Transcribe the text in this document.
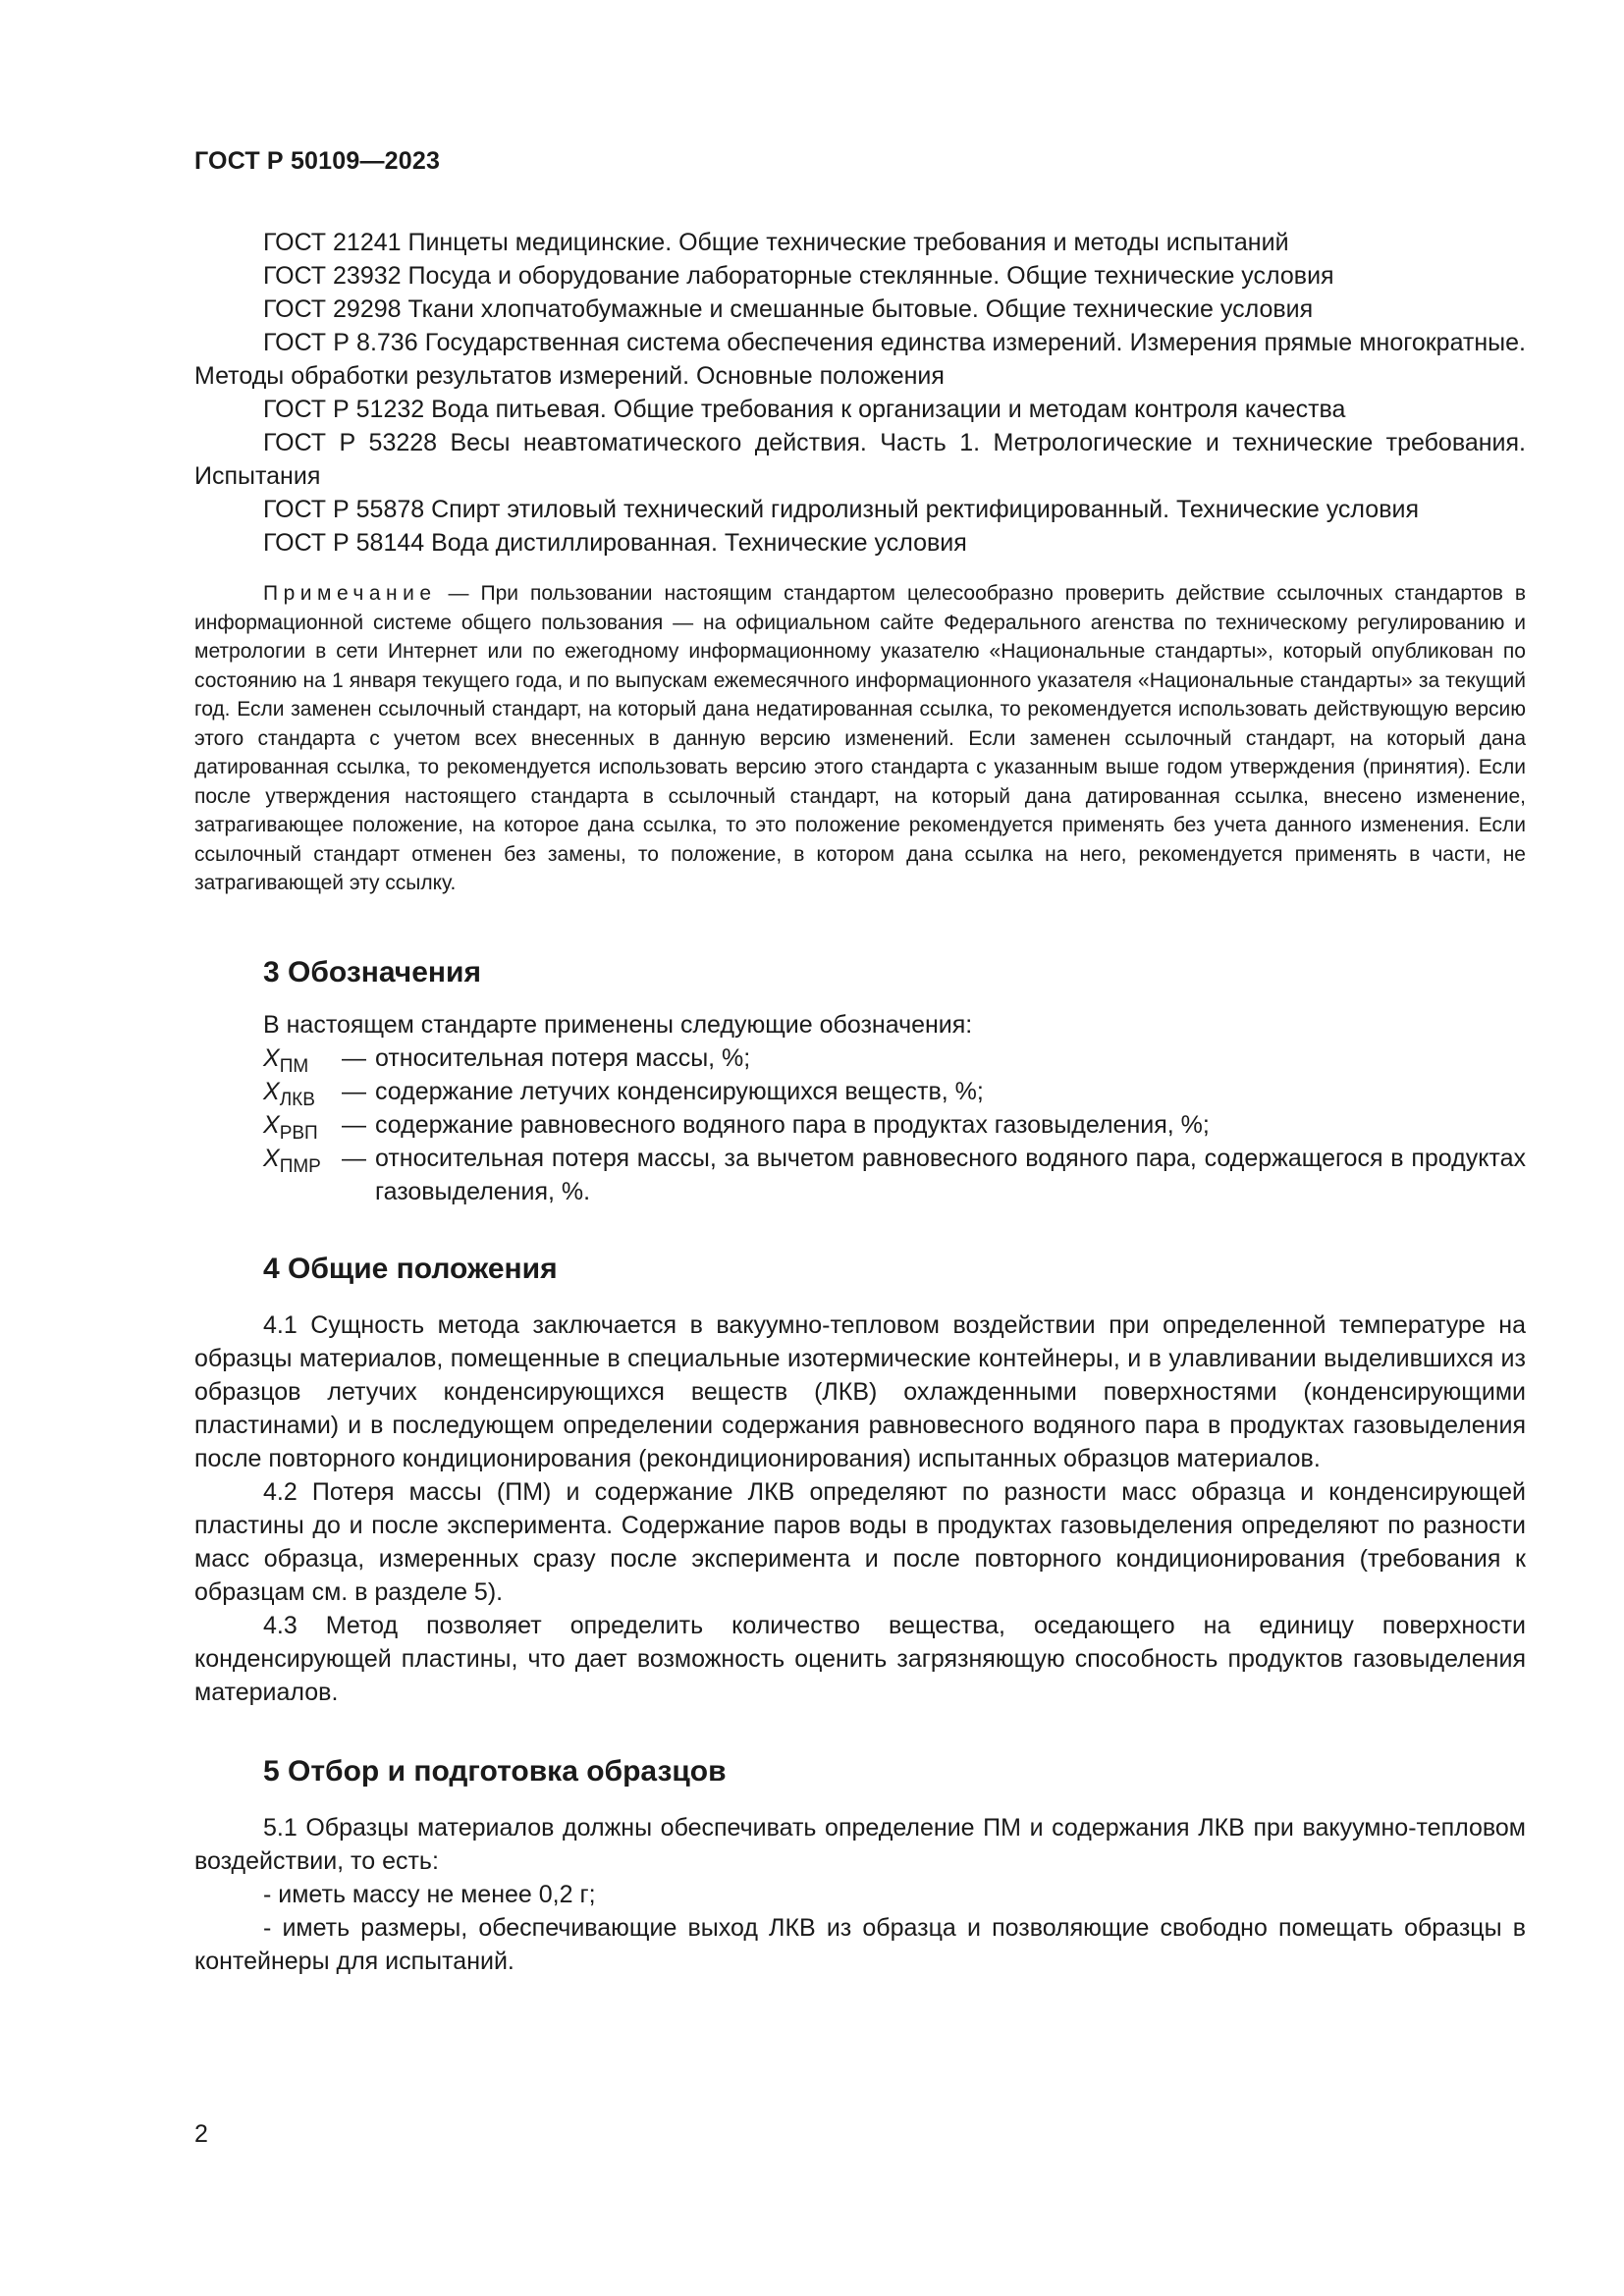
ГОСТ Р 50109—2023

ГОСТ 21241 Пинцеты медицинские. Общие технические требования и методы испытаний

ГОСТ 23932 Посуда и оборудование лабораторные стеклянные. Общие технические условия

ГОСТ 29298 Ткани хлопчатобумажные и смешанные бытовые. Общие технические условия

ГОСТ Р 8.736 Государственная система обеспечения единства измерений. Измерения прямые многократные. Методы обработки результатов измерений. Основные положения

ГОСТ Р 51232 Вода питьевая. Общие требования к организации и методам контроля качества

ГОСТ Р 53228 Весы неавтоматического действия. Часть 1. Метрологические и технические требования. Испытания

ГОСТ Р 55878 Спирт этиловый технический гидролизный ректифицированный. Технические условия

ГОСТ Р 58144 Вода дистиллированная. Технические условия

Примечание — При пользовании настоящим стандартом целесообразно проверить действие ссылочных стандартов в информационной системе общего пользования — на официальном сайте Федерального агенства по техническому регулированию и метрологии в сети Интернет или по ежегодному информационному указателю «Национальные стандарты», который опубликован по состоянию на 1 января текущего года, и по выпускам ежемесячного информационного указателя «Национальные стандарты» за текущий год. Если заменен ссылочный стандарт, на который дана недатированная ссылка, то рекомендуется использовать действующую версию этого стандарта с учетом всех внесенных в данную версию изменений. Если заменен ссылочный стандарт, на который дана датированная ссылка, то рекомендуется использовать версию этого стандарта с указанным выше годом утверждения (принятия). Если после утверждения настоящего стандарта в ссылочный стандарт, на который дана датированная ссылка, внесено изменение, затрагивающее положение, на которое дана ссылка, то это положение рекомендуется применять без учета данного изменения. Если ссылочный стандарт отменен без замены, то положение, в котором дана ссылка на него, рекомендуется применять в части, не затрагивающей эту ссылку.

3 Обозначения

В настоящем стандарте применены следующие обозначения:

$X_{ПМ}$	— относительная потеря массы, %;
$X_{ЛКВ}$	— содержание летучих конденсирующихся веществ, %;
$X_{РВП}$ — содержание равновесного водяного пара в продуктах газовыделения, %;
$X_{ПМР}$ — относительная потеря массы, за вычетом равновесного водяного пара, содержащегося в продуктах газовыделения, %.
4 Общие положения

4.1 Сущность метода заключается в вакуумно-тепловом воздействии при определенной температуре на образцы материалов, помещенные в специальные изотермические контейнеры, и в улавливании выделившихся из образцов летучих конденсирующихся веществ (ЛКВ) охлажденными поверхностями (конденсирующими пластинами) и в последующем определении содержания равновесного водяного пара в продуктах газовыделения после повторного кондиционирования (рекондиционирования) испытанных образцов материалов.

4.2 Потеря массы (ПМ) и содержание ЛКВ определяют по разности масс образца и конденсирующей пластины до и после эксперимента. Содержание паров воды в продуктах газовыделения определяют по разности масс образца, измеренных сразу после эксперимента и после повторного кондиционирования (требования к образцам см. в разделе 5).

4.3 Метод позволяет определить количество вещества, оседающего на единицу поверхности конденсирующей пластины, что дает возможность оценить загрязняющую способность продуктов газовыделения материалов.

5 Отбор и подготовка образцов

5.1 Образцы материалов должны обеспечивать определение ПМ и содержания ЛКВ при вакуумно-тепловом воздействии, то есть:

- иметь массу не менее 0,2 г;

- иметь размеры, обеспечивающие выход ЛКВ из образца и позволяющие свободно помещать образцы в контейнеры для испытаний.

2
